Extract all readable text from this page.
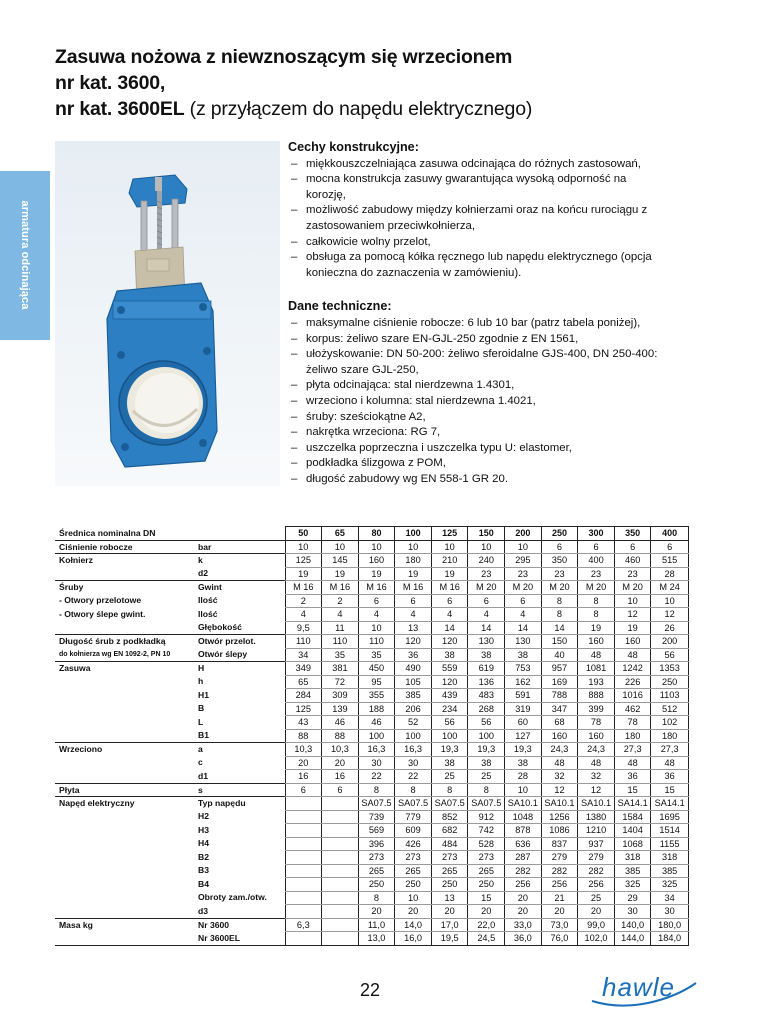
Zasuwa nożowa z niewznoszącym się wrzecionem
nr kat. 3600,
nr kat. 3600EL (z przyłączem do napędu elektrycznego)
armatura odcinająca
Cechy konstrukcyjne:
– miękkouszczelniająca zasuwa odcinająca do różnych zastosowań,
– mocna konstrukcja zasuwy gwarantująca wysoką odporność na korozję,
– możliwość zabudowy między kołnierzami oraz na końcu rurociągu z zastosowaniem przeciwkołnierza,
– całkowicie wolny przelot,
– obsługa za pomocą kółka ręcznego lub napędu elektrycznego (opcja konieczna do zaznaczenia w zamówieniu).
Dane techniczne:
– maksymalne ciśnienie robocze: 6 lub 10 bar (patrz tabela poniżej),
– korpus: żeliwo szare EN-GJL-250 zgodnie z EN 1561,
– ułożyskowanie: DN 50-200: żeliwo sferoidalne GJS-400, DN 250-400: żeliwo szare GJL-250,
– płyta odcinająca: stal nierdzewna 1.4301,
– wrzeciono i kolumna: stal nierdzewna 1.4021,
– śruby: sześciokątne A2,
– nakrętka wrzeciona: RG 7,
– uszczelka poprzeczna i uszczelka typu U: elastomer,
– podkładka ślizgowa z POM,
– długość zabudowy wg EN 558-1 GR 20.
Średnica nominalna DN		50	65	80	100	125	150	200	250	300	350	400
Ciśnienie robocze	bar	10	10	10	10	10	10	10	6	6	6	6
Kołnierz	k	125	145	160	180	210	240	295	350	400	460	515
	d2	19	19	19	19	19	23	23	23	23	23	28
Śruby	Gwint	M 16	M 16	M 16	M 16	M 16	M 20	M 20	M 20	M 20	M 20	M 24
- Otwory przelotowe	Ilość	2	2	6	6	6	6	6	8	8	10	10
- Otwory ślepe gwint.	Ilość	4	4	4	4	4	4	4	8	8	12	12
	Głębokość	9,5	11	10	13	14	14	14	14	19	19	26
Długość śrub z podkładką	Otwór przelot.	110	110	110	120	120	130	130	150	160	160	200
do kołnierza wg EN 1092-2, PN 10	Otwór ślepy	34	35	35	36	38	38	38	40	48	48	56
Zasuwa	H	349	381	450	490	559	619	753	957	1081	1242	1353
	h	65	72	95	105	120	136	162	169	193	226	250
	H1	284	309	355	385	439	483	591	788	888	1016	1103
	B	125	139	188	206	234	268	319	347	399	462	512
	L	43	46	46	52	56	56	60	68	78	78	102
	B1	88	88	100	100	100	100	127	160	160	180	180
Wrzeciono	a	10,3	10,3	16,3	16,3	19,3	19,3	19,3	24,3	24,3	27,3	27,3
	c	20	20	30	30	38	38	38	48	48	48	48
	d1	16	16	22	22	25	25	28	32	32	36	36
Płyta	s	6	6	8	8	8	8	10	12	12	15	15
Napęd elektryczny	Typ napędu			SA07.5	SA07.5	SA07.5	SA07.5	SA10.1	SA10.1	SA10.1	SA14.1	SA14.1
	H2			739	779	852	912	1048	1256	1380	1584	1695
	H3			569	609	682	742	878	1086	1210	1404	1514
	H4			396	426	484	528	636	837	937	1068	1155
	B2			273	273	273	273	287	279	279	318	318
	B3			265	265	265	265	282	282	282	385	385
	B4			250	250	250	250	256	256	256	325	325
	Obroty zam./otw.			8	10	13	15	20	21	25	29	34
	d3			20	20	20	20	20	20	20	30	30
Masa kg	Nr 3600	6,3		11,0	14,0	17,0	22,0	33,0	73,0	99,0	140,0	180,0
	Nr 3600EL			13,0	16,0	19,5	24,5	36,0	76,0	102,0	144,0	184,0
22	hawle
